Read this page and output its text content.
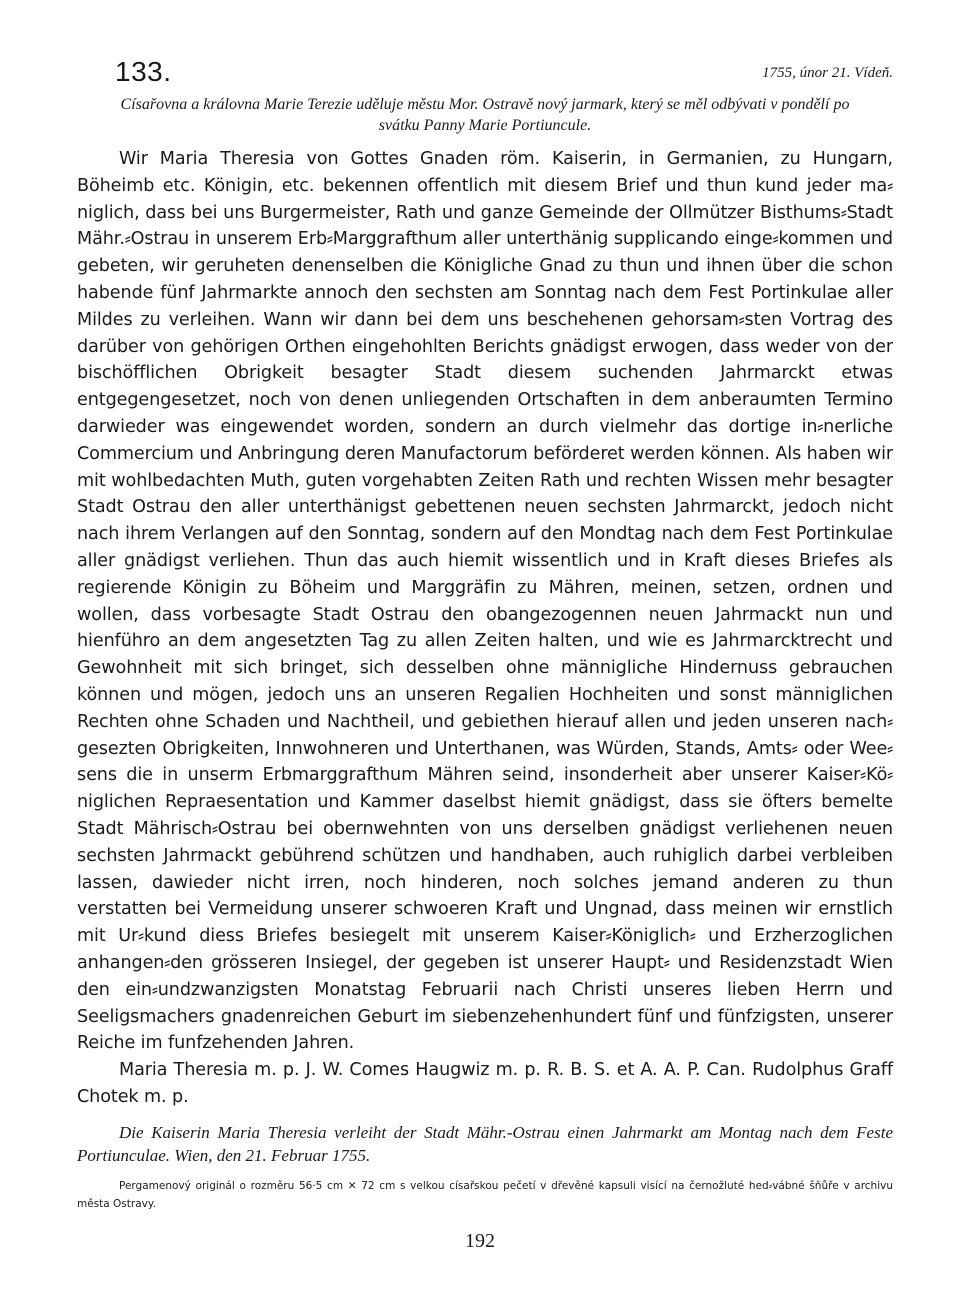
133.	1755, únor 21. Vídeň.

Císařovna a královna Marie Terezie uděluje městu Mor. Ostravě nový jarmark, který se měl odbývati v pondělí po svátku Panny Marie Portiuncule.

Wir Maria Theresia von Gottes Gnaden röm. Kaiserin, in Germanien, zu Hungarn, Böheimb etc. Königin, etc. bekennen offentlich mit diesem Brief und thun kund jeder ma⸗niglich, dass bei uns Burgermeister, Rath und ganze Gemeinde der Ollmützer Bisthums⸗Stadt Mähr.⸗Ostrau in unserem Erb⸗Marggrafthum aller unterthänig supplicando einge⸗kommen und gebeten, wir geruheten denenselben die Königliche Gnad zu thun und ihnen über die schon habende fünf Jahrmarkte annoch den sechsten am Sonntag nach dem Fest Portinkulae aller Mildes zu verleihen. Wann wir dann bei dem uns beschehenen gehorsam⸗sten Vortrag des darüber von gehörigen Orthen eingehohlten Berichts gnädigst erwogen, dass weder von der bischöfflichen Obrigkeit besagter Stadt diesem suchenden Jahrmarckt etwas entgegengesetzet, noch von denen unliegenden Ortschaften in dem anberaumten Termino darwieder was eingewendet worden, sondern an durch vielmehr das dortige in⸗nerliche Commercium und Anbringung deren Manufactorum beförderet werden können. Als haben wir mit wohlbedachten Muth, guten vorgehabten Zeiten Rath und rechten Wissen mehr besagter Stadt Ostrau den aller unterthänigst gebettenen neuen sechsten Jahrmarckt, jedoch nicht nach ihrem Verlangen auf den Sonntag, sondern auf den Mondtag nach dem Fest Portinkulae aller gnädigst verliehen. Thun das auch hiemit wissentlich und in Kraft dieses Briefes als regierende Königin zu Böheim und Marggräfin zu Mähren, meinen, setzen, ordnen und wollen, dass vorbesagte Stadt Ostrau den obangezogennen neuen Jahrmackt nun und hienführo an dem angesetzten Tag zu allen Zeiten halten, und wie es Jahrmarcktrecht und Gewohnheit mit sich bringet, sich desselben ohne männigliche Hindernuss gebrauchen können und mögen, jedoch uns an unseren Regalien Hochheiten und sonst männiglichen Rechten ohne Schaden und Nachtheil, und gebiethen hierauf allen und jeden unseren nach⸗gesezten Obrigkeiten, Innwohneren und Unterthanen, was Würden, Stands, Amts⸗ oder Wee⸗sens die in unserm Erbmarggrafthum Mähren seind, insonderheit aber unserer Kaiser⸗Kö⸗niglichen Repraesentation und Kammer daselbst hiemit gnädigst, dass sie öfters bemelte Stadt Mährisch⸗Ostrau bei obernwehnten von uns derselben gnädigst verliehenen neuen sechsten Jahrmackt gebührend schützen und handhaben, auch ruhiglich darbei verbleiben lassen, dawieder nicht irren, noch hinderen, noch solches jemand anderen zu thun verstatten bei Vermeidung unserer schwoeren Kraft und Ungnad, dass meinen wir ernstlich mit Ur⸗kund diess Briefes besiegelt mit unserem Kaiser⸗Königlich⸗ und Erzherzoglichen anhangen⸗den grösseren Insiegel, der gegeben ist unserer Haupt⸗ und Residenzstadt Wien den ein⸗undzwanzigsten Monatstag Februarii nach Christi unseres lieben Herrn und Seeligsmachers gnadenreichen Geburt im siebenzehenhundert fünf und fünfzigsten, unserer Reiche im funfzehenden Jahren.

Maria Theresia m. p. J. W. Comes Haugwiz m. p. R. B. S. et A. A. P. Can. Rudolphus Graff Chotek m. p.

Die Kaiserin Maria Theresia verleiht der Stadt Mähr.-Ostrau einen Jahrmarkt am Montag nach dem Feste Portiunculae. Wien, den 21. Februar 1755.

Pergamenový originál o rozměru 56·5 cm ✕ 72 cm s velkou císařskou pečetí v dřevěné kapsuli visící na černožluté hed⸗vábné šňůře v archivu města Ostravy.

192
